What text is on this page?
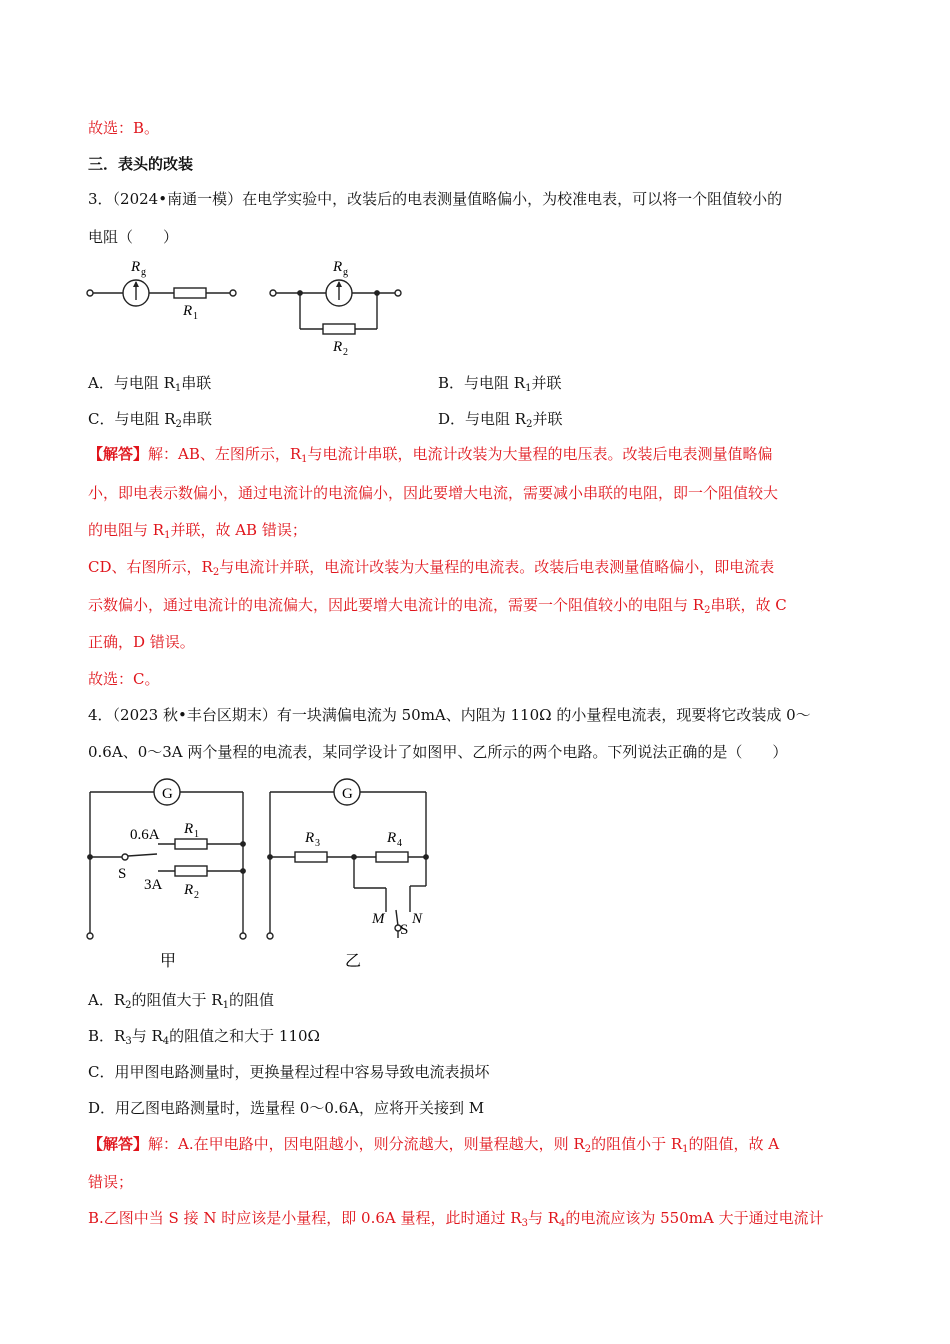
故选：B。
三．表头的改装
3．（2024•南通一模）在电学实验中，改装后的电表测量值略偏小，为校准电表，可以将一个阻值较小的
电阻（　　）
R g
R 1
R g
R 2
A．与电阻 $R_1$串联	B．与电阻 $R_1$并联
C．与电阻 $R_2$串联	D．与电阻 $R_2$并联
【解答】解：AB、左图所示，$R_1$与电流计串联，电流计改装为大量程的电压表。改装后电表测量值略偏
小，即电表示数偏小，通过电流计的电流偏小，因此要增大电流，需要减小串联的电阻，即一个阻值较大
的电阻与 $R_1$并联，故 AB 错误；
CD、右图所示，$R_2$与电流计并联，电流计改装为大量程的电流表。改装后电表测量值略偏小，即电流表
示数偏小，通过电流计的电流偏大，因此要增大电流计的电流，需要一个阻值较小的电阻与 $R_2$串联，故 C
正确，D 错误。
故选：C。
4．（2023 秋•丰台区期末）有一块满偏电流为 50mA、内阻为 110Ω 的小量程电流表，现要将它改装成 0～
0.6A、0～3A 两个量程的电流表，某同学设计了如图甲、乙所示的两个电路。下列说法正确的是（　　）
G
0.6A R 1
S
3A R 2
甲
G
R 3	R 4
M N
S
乙
A．$R_2$的阻值大于 $R_1$的阻值
B．$R_3$与 $R_4$的阻值之和大于 110Ω
C．用甲图电路测量时，更换量程过程中容易导致电流表损坏
D．用乙图电路测量时，选量程 0～0.6A，应将开关接到 M
【解答】解：A.在甲电路中，因电阻越小，则分流越大，则量程越大，则 $R_2$的阻值小于 $R_1$的阻值，故 A
错误；
B.乙图中当 S 接 N 时应该是小量程，即 0.6A 量程，此时通过 $R_3$与 $R_4$的电流应该为 550mA 大于通过电流计
